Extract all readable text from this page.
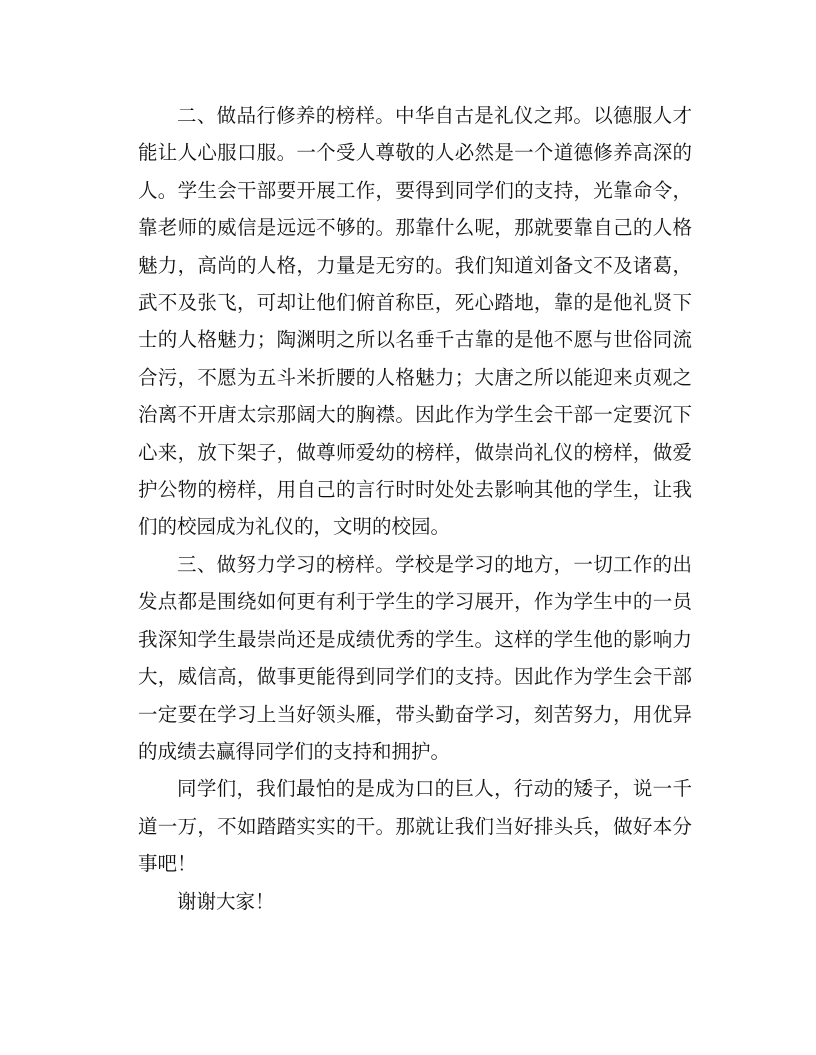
二、做品行修养的榜样。中华自古是礼仪之邦。以德服人才能让人心服口服。一个受人尊敬的人必然是一个道德修养高深的人。学生会干部要开展工作，要得到同学们的支持，光靠命令，靠老师的威信是远远不够的。那靠什么呢，那就要靠自己的人格魅力，高尚的人格，力量是无穷的。我们知道刘备文不及诸葛，武不及张飞，可却让他们俯首称臣，死心踏地，靠的是他礼贤下士的人格魅力；陶渊明之所以名垂千古靠的是他不愿与世俗同流合污，不愿为五斗米折腰的人格魅力；大唐之所以能迎来贞观之治离不开唐太宗那阔大的胸襟。因此作为学生会干部一定要沉下心来，放下架子，做尊师爱幼的榜样，做崇尚礼仪的榜样，做爱护公物的榜样，用自己的言行时时处处去影响其他的学生，让我们的校园成为礼仪的，文明的校园。

三、做努力学习的榜样。学校是学习的地方，一切工作的出发点都是围绕如何更有利于学生的学习展开，作为学生中的一员我深知学生最崇尚还是成绩优秀的学生。这样的学生他的影响力大，威信高，做事更能得到同学们的支持。因此作为学生会干部一定要在学习上当好领头雁，带头勤奋学习，刻苦努力，用优异的成绩去赢得同学们的支持和拥护。

同学们，我们最怕的是成为口的巨人，行动的矮子，说一千道一万，不如踏踏实实的干。那就让我们当好排头兵，做好本分事吧！

谢谢大家！
